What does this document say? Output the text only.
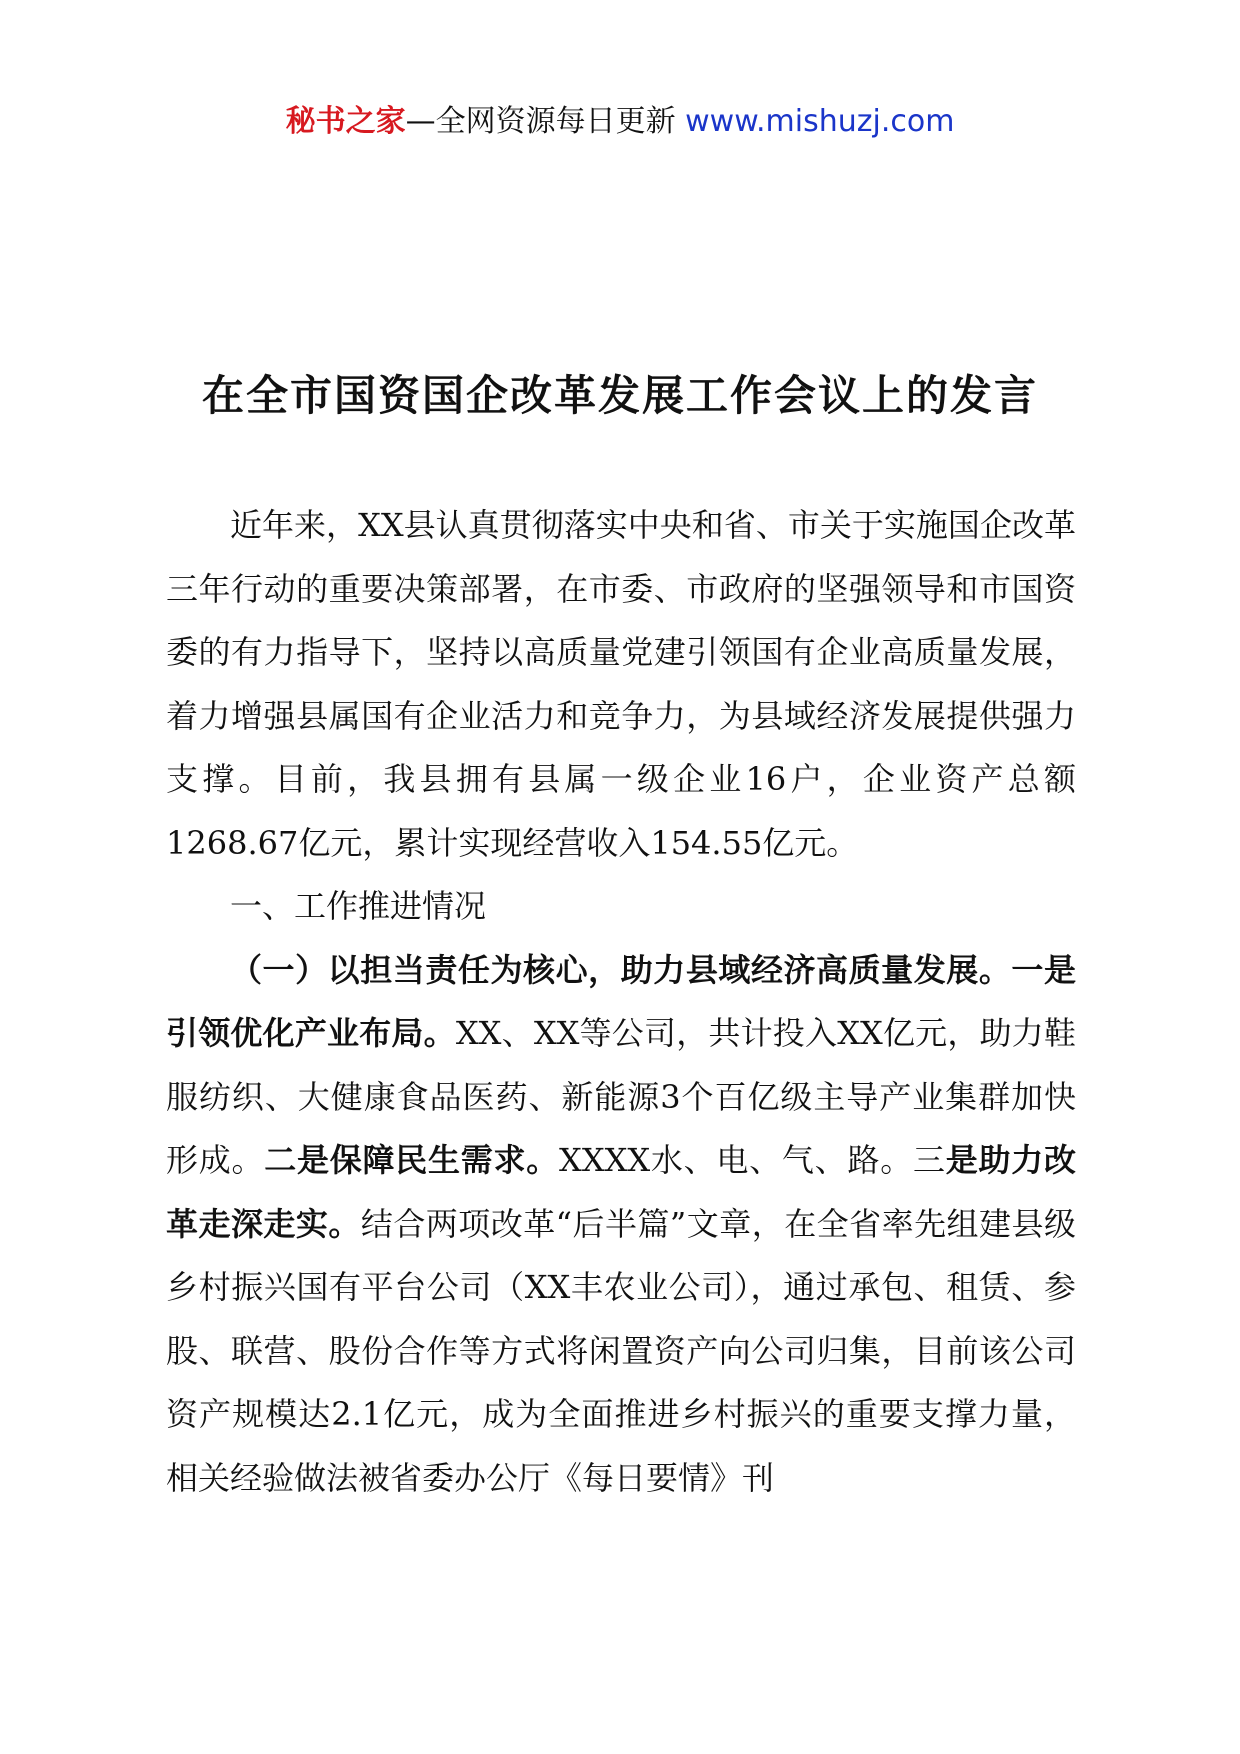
秘书之家—全网资源每日更新 www.mishuzj.com
在全市国资国企改革发展工作会议上的发言

近年来，XX县认真贯彻落实中央和省、市关于实施国企改革三年行动的重要决策部署，在市委、市政府的坚强领导和市国资委的有力指导下，坚持以高质量党建引领国有企业高质量发展，着力增强县属国有企业活力和竞争力，为县域经济发展提供强力支撑。目前，我县拥有县属一级企业16户，企业资产总额1268.67亿元，累计实现经营收入154.55亿元。

一、工作推进情况

（一）以担当责任为核心，助力县域经济高质量发展。一是引领优化产业布局。XX、XX等公司，共计投入XX亿元，助力鞋服纺织、大健康食品医药、新能源3个百亿级主导产业集群加快形成。二是保障民生需求。XXXX水、电、气、路。三是助力改革走深走实。结合两项改革“后半篇”文章，在全省率先组建县级乡村振兴国有平台公司（XX丰农业公司），通过承包、租赁、参股、联营、股份合作等方式将闲置资产向公司归集，目前该公司资产规模达2.1亿元，成为全面推进乡村振兴的重要支撑力量，相关经验做法被省委办公厅《每日要情》刊
